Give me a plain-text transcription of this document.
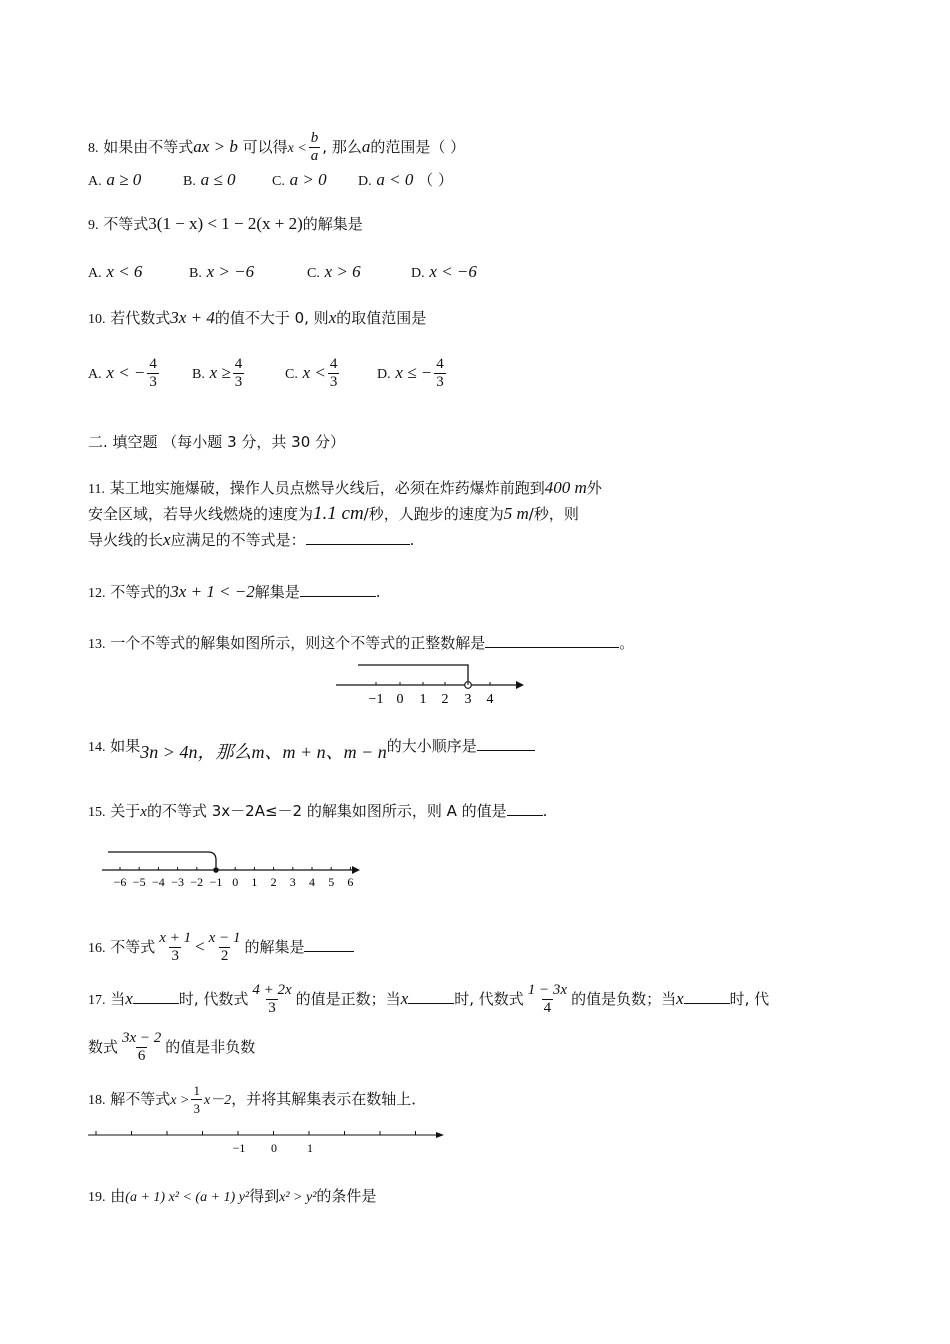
8. 如果由不等式ax > b 可以得$x < \frac{b}{a}$ , 那么a的范围是（ ）
A. a ≥ 0	B. a ≤ 0	C. a > 0 D. a < 0 （ ）
9. 不等式3(1 − x) < 1 − 2(x + 2)的解集是
A. x < 6	B. x > −6	C. x > 6	D. x < −6
10. 若代数式3x + 4的值不大于 0, 则x的取值范围是
A. x < − $\frac{4}{3} B$. $x \ge \frac{4}{3}$	C. $x < \frac{4}{3}$	D. x ≤ − $\frac{4}{3}$
二. 填空题 （每小题 3 分，共 30 分）
11. 某工地实施爆破，操作人员点燃导火线后，必须在炸药爆炸前跑到400 m外
安全区域，若导火线燃烧的速度为1.1 cm/秒，人跑步的速度为5 m/秒，则
导火线的长x应满足的不等式是：	.
12. 不等式的3x + 1 < −2解集是	.
13. 一个不等式的解集如图所示，则这个不等式的正整数解是	。
−1 0 1 2 3 4
14. 如果3n > 4n，那么m、m + n、m − n的大小顺序是
15. 关于x的不等式 3x－2A≤－2 的解集如图所示，则 A 的值是 .
−6 −5 −4 −3 −2 −1 0 1 2 3 4 5 6
16. 不等式 $\frac{x + 1}{3} < \frac{x - 1}{2}$ 的解集是
17. 当x	时, 代数式 $\frac{4 + 2x}{3}$ 的值是正数；当x	时, 代数式 $\frac{1 - 3x}{4}$ 的值是负数；当x	时, 代
数式 $\frac{3x - 2}{6}$ 的值是非负数
18. 解不等式$x > \frac{1}{3} x-2$，并将其解集表示在数轴上．
−1 0	1
19. 由(a + 1) x² < (a + 1) y²得到x² > y²的条件是
